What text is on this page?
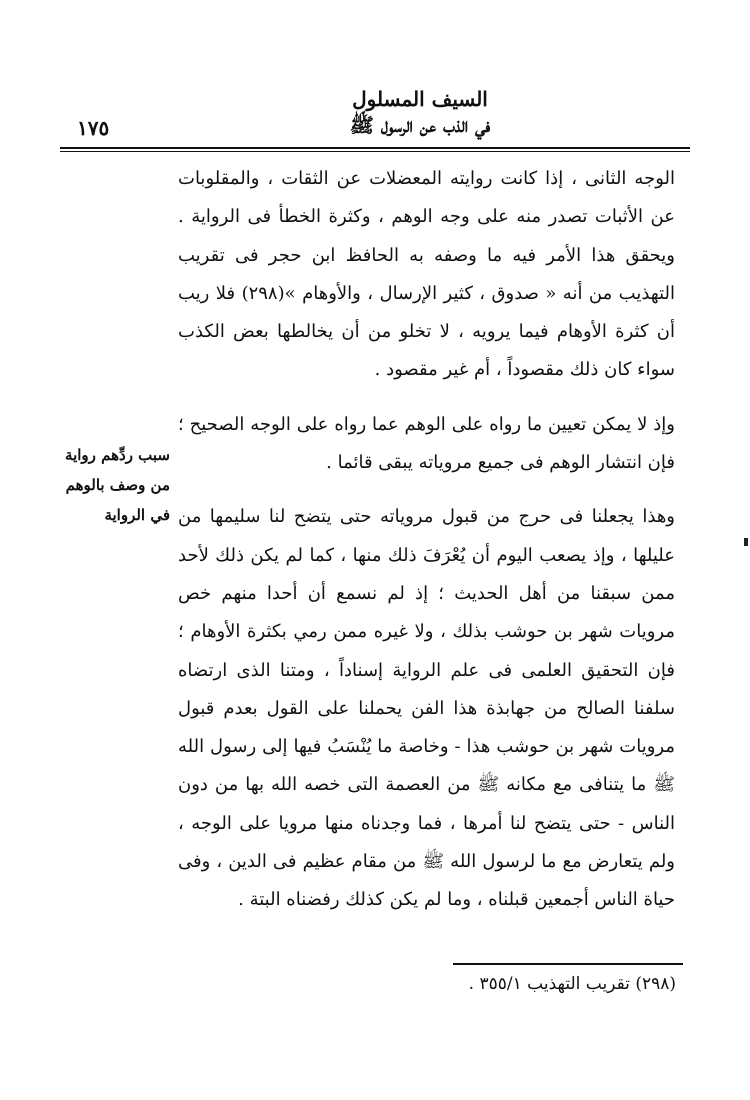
السيف المسلول
في الذب عن الرسول ﷺ
١٧٥

الوجه الثانى ، إذا كانت روايته المعضلات عن الثقات ، والمقلوبات عن الأثبات تصدر منه على وجه الوهم ، وكثرة الخطأ فى الرواية . ويحقق هذا الأمر فيه ما وصفه به الحافظ ابن حجر فى تقريب التهذيب من أنه « صدوق ، كثير الإرسال ، والأوهام »(٢٩٨) فلا ريب أن كثرة الأوهام فيما يرويه ، لا تخلو من أن يخالطها بعض الكذب سواء كان ذلك مقصوداً ، أم غير مقصود .

وإذ لا يمكن تعيين ما رواه على الوهم عما رواه على الوجه الصحيح ؛ فإن انتشار الوهم فى جميع مروياته يبقى قائما .

وهذا يجعلنا فى حرج من قبول مروياته حتى يتضح لنا سليمها من عليلها ، وإذ يصعب اليوم أن يُعْرَفَ ذلك منها ، كما لم يكن ذلك لأحد ممن سبقنا من أهل الحديث ؛ إذ لم نسمع أن أحدا منهم خص مرويات شهر بن حوشب بذلك ، ولا غيره ممن رمي بكثرة الأوهام ؛ فإن التحقيق العلمى فى علم الرواية إسناداً ، ومتنا الذى ارتضاه سلفنا الصالح من جهابذة هذا الفن يحملنا على القول بعدم قبول مرويات شهر بن حوشب هذا - وخاصة ما يُنْسَبُ فيها إلى رسول الله ﷺ ما يتنافى مع مكانه ﷺ من العصمة التى خصه الله بها من دون الناس - حتى يتضح لنا أمرها ، فما وجدناه منها مرويا على الوجه ، ولم يتعارض مع ما لرسول الله ﷺ من مقام عظيم فى الدين ، وفى حياة الناس أجمعين قبلناه ، وما لم يكن كذلك رفضناه البتة .

سبب ردِّهم رواية
من وصف بالوهم
في الرواية
(٢٩٨) تقريب التهذيب ٣٥٥/١ .
